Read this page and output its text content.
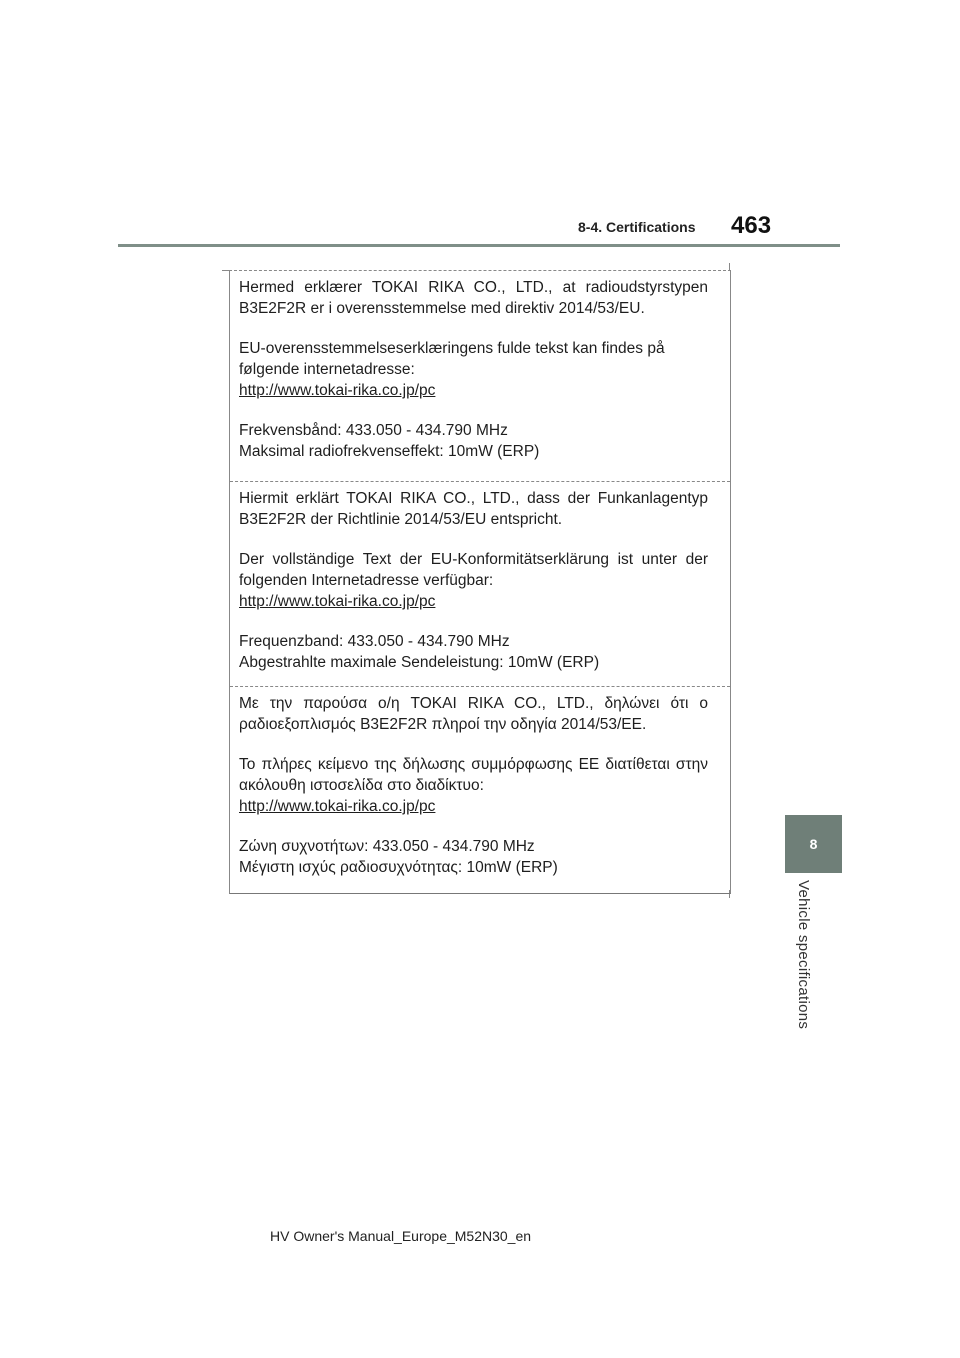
8-4. Certifications 463

Hermed erklærer TOKAI RIKA CO., LTD., at radioudstyrstypen

B3E2F2R er i overensstemmelse med direktiv 2014/53/EU.

EU-overensstemmelseserklæringens fulde tekst kan findes på

følgende internetadresse:

http://www.tokai-rika.co.jp/pc

Frekvensbånd: 433.050 - 434.790 MHz

Maksimal radiofrekvenseffekt: 10mW (ERP)

Hiermit erklärt TOKAI RIKA CO., LTD., dass der Funkanlagentyp

B3E2F2R der Richtlinie 2014/53/EU entspricht.

Der vollständige Text der EU-Konformitätserklärung ist unter der

folgenden Internetadresse verfügbar:

http://www.tokai-rika.co.jp/pc

Frequenzband: 433.050 - 434.790 MHz

Abgestrahlte maximale Sendeleistung: 10mW (ERP)

Με την παρούσα ο/η TOKAI RIKA CO., LTD., δηλώνει ότι ο

ραδιοεξοπλισμός B3E2F2R πληροί την οδηγία 2014/53/ΕΕ.

Το πλήρες κείμενο της δήλωσης συμμόρφωσης ΕΕ διατίθεται στην

ακόλουθη ιστοσελίδα στο διαδίκτυο:

http://www.tokai-rika.co.jp/pc

Ζώνη συχνοτήτων: 433.050 - 434.790 MHz

Μέγιστη ισχύς ραδιοσυχνότητας: 10mW (ERP)

8
Vehicle specifications
HV Owner's Manual_Europe_M52N30_en
